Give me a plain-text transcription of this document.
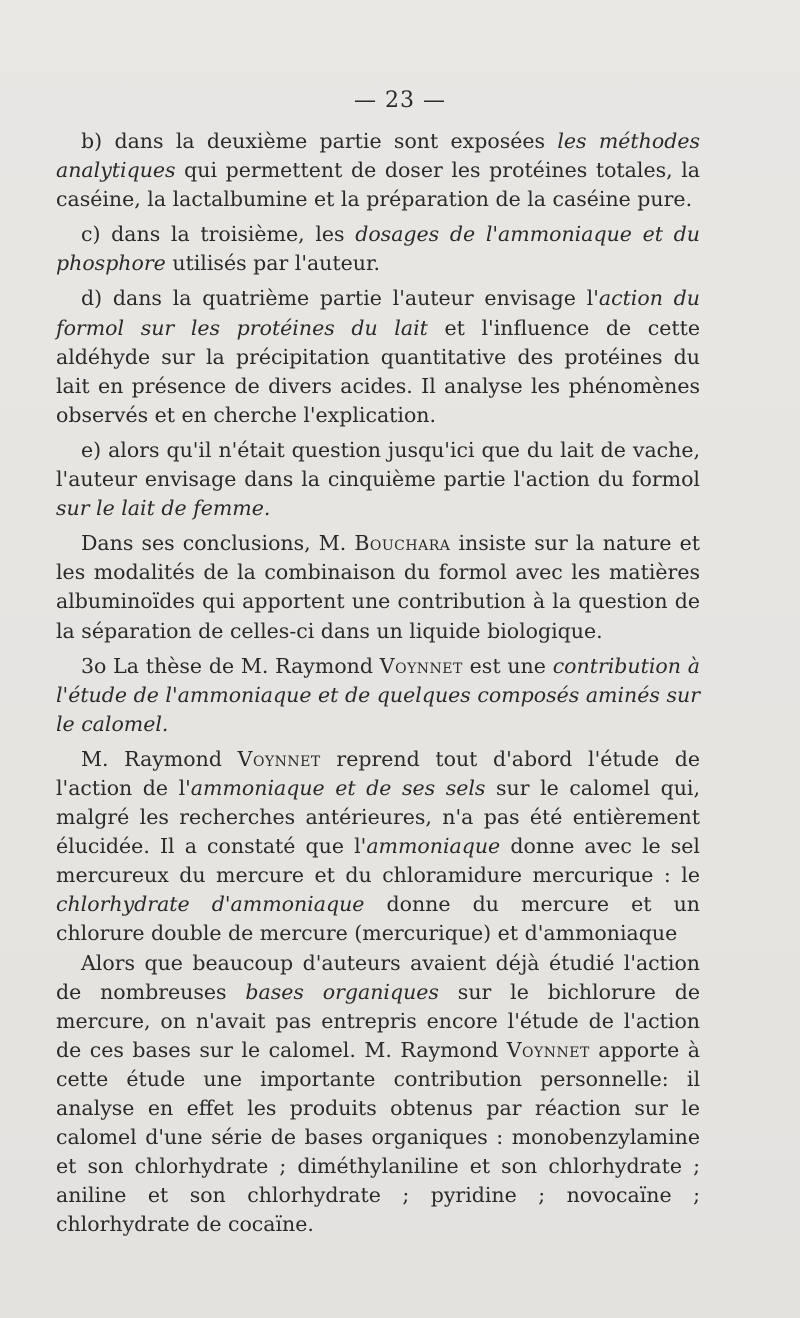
— 23 —

b) dans la deuxième partie sont exposées les méthodes analytiques qui permettent de doser les protéines totales, la caséine, la lactalbumine et la préparation de la caséine pure.

c) dans la troisième, les dosages de l'ammoniaque et du phosphore utilisés par l'auteur.

d) dans la quatrième partie l'auteur envisage l'action du formol sur les protéines du lait et l'influence de cette aldéhyde sur la précipitation quantitative des protéines du lait en présence de divers acides. Il analyse les phénomènes observés et en cherche l'explication.

e) alors qu'il n'était question jusqu'ici que du lait de vache, l'auteur envisage dans la cinquième partie l'action du formol sur le lait de femme.

Dans ses conclusions, M. Bouchara insiste sur la nature et les modalités de la combinaison du formol avec les matières albuminoïdes qui apportent une contribution à la question de la séparation de celles-ci dans un liquide biologique.

3o La thèse de M. Raymond Voynnet est une contribution à l'étude de l'ammoniaque et de quelques composés aminés sur le calomel.

M. Raymond Voynnet reprend tout d'abord l'étude de l'action de l'ammoniaque et de ses sels sur le calomel qui, malgré les recherches antérieures, n'a pas été entièrement élucidée. Il a constaté que l'ammoniaque donne avec le sel mercureux du mercure et du chloramidure mercurique : le chlorhydrate d'ammoniaque donne du mercure et un chlorure double de mercure (mercurique) et d'ammoniaque

Alors que beaucoup d'auteurs avaient déjà étudié l'action de nombreuses bases organiques sur le bichlorure de mercure, on n'avait pas entrepris encore l'étude de l'action de ces bases sur le calomel. M. Raymond Voynnet apporte à cette étude une importante contribution personnelle: il analyse en effet les produits obtenus par réaction sur le calomel d'une série de bases organiques : monobenzylamine et son chlorhydrate ; diméthylaniline et son chlorhydrate ; aniline et son chlorhydrate ; pyridine ; novocaïne ; chlorhydrate de cocaïne.
